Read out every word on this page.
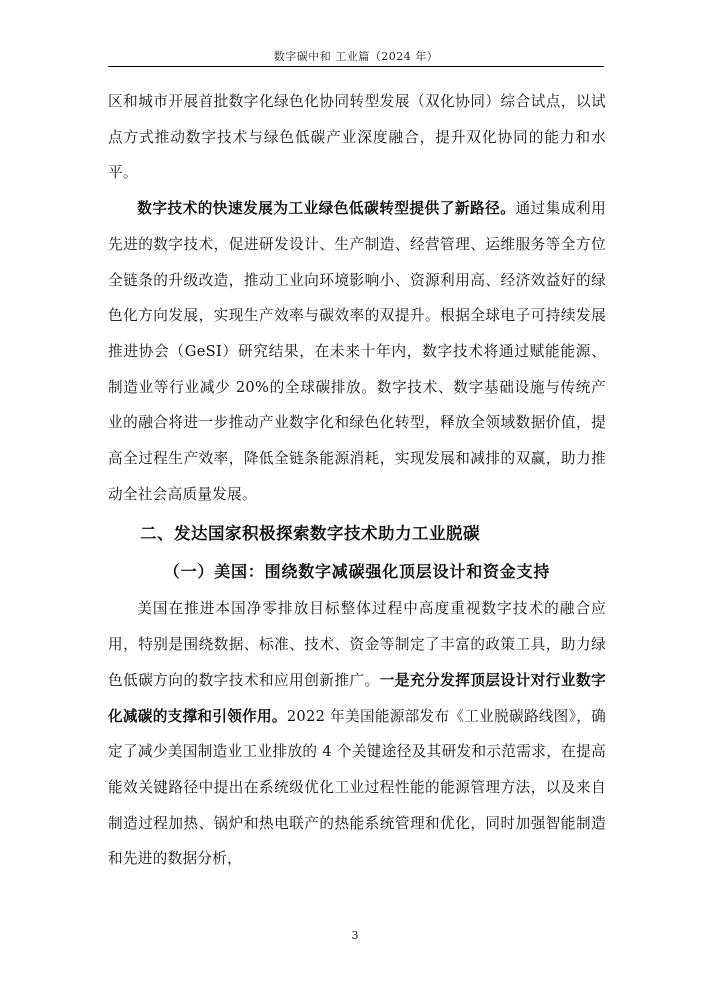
数字碳中和 工业篇（2024 年）

区和城市开展首批数字化绿色化协同转型发展（双化协同）综合试点，以试点方式推动数字技术与绿色低碳产业深度融合，提升双化协同的能力和水平。

数字技术的快速发展为工业绿色低碳转型提供了新路径。通过集成利用先进的数字技术，促进研发设计、生产制造、经营管理、运维服务等全方位全链条的升级改造，推动工业向环境影响小、资源利用高、经济效益好的绿色化方向发展，实现生产效率与碳效率的双提升。根据全球电子可持续发展推进协会（GeSI）研究结果，在未来十年内，数字技术将通过赋能能源、制造业等行业减少 20%的全球碳排放。数字技术、数字基础设施与传统产业的融合将进一步推动产业数字化和绿色化转型，释放全领域数据价值，提高全过程生产效率，降低全链条能源消耗，实现发展和减排的双赢，助力推动全社会高质量发展。

二、发达国家积极探索数字技术助力工业脱碳
（一）美国：围绕数字减碳强化顶层设计和资金支持

美国在推进本国净零排放目标整体过程中高度重视数字技术的融合应用，特别是围绕数据、标准、技术、资金等制定了丰富的政策工具，助力绿色低碳方向的数字技术和应用创新推广。一是充分发挥顶层设计对行业数字化减碳的支撑和引领作用。2022 年美国能源部发布《工业脱碳路线图》，确定了减少美国制造业工业排放的 4 个关键途径及其研发和示范需求，在提高能效关键路径中提出在系统级优化工业过程性能的能源管理方法，以及来自制造过程加热、锅炉和热电联产的热能系统管理和优化，同时加强智能制造和先进的数据分析，

3
